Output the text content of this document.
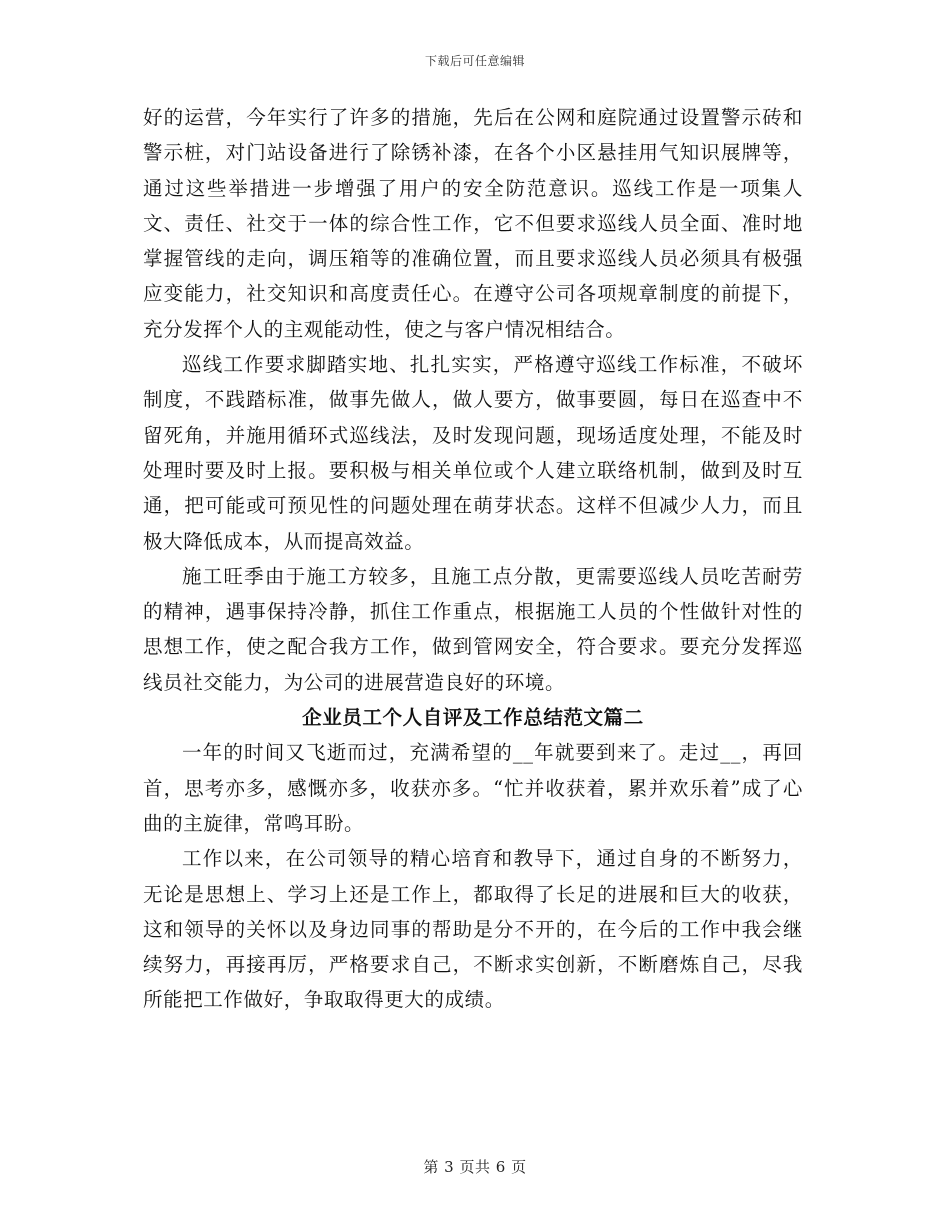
下载后可任意编辑

好的运营，今年实行了许多的措施，先后在公网和庭院通过设置警示砖和警示桩，对门站设备进行了除锈补漆，在各个小区悬挂用气知识展牌等，通过这些举措进一步增强了用户的安全防范意识。巡线工作是一项集人文、责任、社交于一体的综合性工作，它不但要求巡线人员全面、准时地掌握管线的走向，调压箱等的准确位置，而且要求巡线人员必须具有极强应变能力，社交知识和高度责任心。在遵守公司各项规章制度的前提下，充分发挥个人的主观能动性，使之与客户情况相结合。

巡线工作要求脚踏实地、扎扎实实，严格遵守巡线工作标准，不破坏制度，不践踏标准，做事先做人，做人要方，做事要圆，每日在巡查中不留死角，并施用循环式巡线法，及时发现问题，现场适度处理，不能及时处理时要及时上报。要积极与相关单位或个人建立联络机制，做到及时互通，把可能或可预见性的问题处理在萌芽状态。这样不但减少人力，而且极大降低成本，从而提高效益。

施工旺季由于施工方较多，且施工点分散，更需要巡线人员吃苦耐劳的精神，遇事保持冷静，抓住工作重点，根据施工人员的个性做针对性的思想工作，使之配合我方工作，做到管网安全，符合要求。要充分发挥巡线员社交能力，为公司的进展营造良好的环境。

企业员工个人自评及工作总结范文篇二

一年的时间又飞逝而过，充满希望的__年就要到来了。走过__，再回首，思考亦多，感慨亦多，收获亦多。“忙并收获着，累并欢乐着”成了心曲的主旋律，常鸣耳盼。

工作以来，在公司领导的精心培育和教导下，通过自身的不断努力，无论是思想上、学习上还是工作上，都取得了长足的进展和巨大的收获，这和领导的关怀以及身边同事的帮助是分不开的，在今后的工作中我会继续努力，再接再厉，严格要求自己，不断求实创新，不断磨炼自己，尽我所能把工作做好，争取取得更大的成绩。

第 3 页共 6 页
